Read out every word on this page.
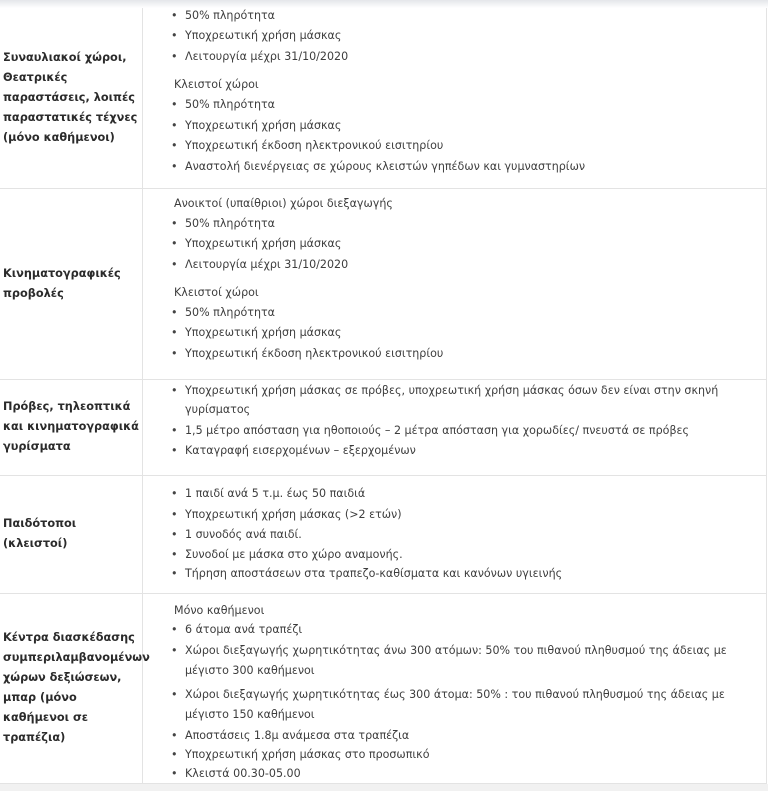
Συναυλιακοί χώροι, Θεατρικές παραστάσεις, λοιπές παραστατικές τέχνες (μόνο καθήμενοι)
• 50% πληρότητα
• Υποχρεωτική χρήση μάσκας
• Λειτουργία μέχρι 31/10/2020
Κλειστοί χώροι
• 50% πληρότητα
• Υποχρεωτική χρήση μάσκας
• Υποχρεωτική έκδοση ηλεκτρονικού εισιτηρίου
• Αναστολή διενέργειας σε χώρους κλειστών γηπέδων και γυμναστηρίων
Κινηματογραφικές προβολές
Ανοικτοί (υπαίθριοι) χώροι διεξαγωγής
• 50% πληρότητα
• Υποχρεωτική χρήση μάσκας
• Λειτουργία μέχρι 31/10/2020
Κλειστοί χώροι
• 50% πληρότητα
• Υποχρεωτική χρήση μάσκας
• Υποχρεωτική έκδοση ηλεκτρονικού εισιτηρίου
Πρόβες, τηλεοπτικά και κινηματογραφικά γυρίσματα
• Υποχρεωτική χρήση μάσκας σε πρόβες, υποχρεωτική χρήση μάσκας όσων δεν είναι στην σκηνή γυρίσματος
• 1,5 μέτρο απόσταση για ηθοποιούς – 2 μέτρα απόσταση για χορωδίες/ πνευστά σε πρόβες
• Καταγραφή εισερχομένων – εξερχομένων
Παιδότοποι (κλειστοί)
• 1 παιδί ανά 5 τ.μ. έως 50 παιδιά
• Υποχρεωτική χρήση μάσκας (>2 ετών)
• 1 συνοδός ανά παιδί.
• Συνοδοί με μάσκα στο χώρο αναμονής.
• Τήρηση αποστάσεων στα τραπεζο-καθίσματα και κανόνων υγιεινής
Κέντρα διασκέδασης συμπεριλαμβανομένων χώρων δεξιώσεων, μπαρ (μόνο καθήμενοι σε τραπέζια)
Μόνο καθήμενοι
• 6 άτομα ανά τραπέζι
• Χώροι διεξαγωγής χωρητικότητας άνω 300 ατόμων: 50% του πιθανού πληθυσμού της άδειας με μέγιστο 300 καθήμενοι
• Χώροι διεξαγωγής χωρητικότητας έως 300 άτομα: 50% : του πιθανού πληθυσμού της άδειας με μέγιστο 150 καθήμενοι
• Αποστάσεις 1.8μ ανάμεσα στα τραπέζια
• Υποχρεωτική χρήση μάσκας στο προσωπικό
• Κλειστά 00.30-05.00
